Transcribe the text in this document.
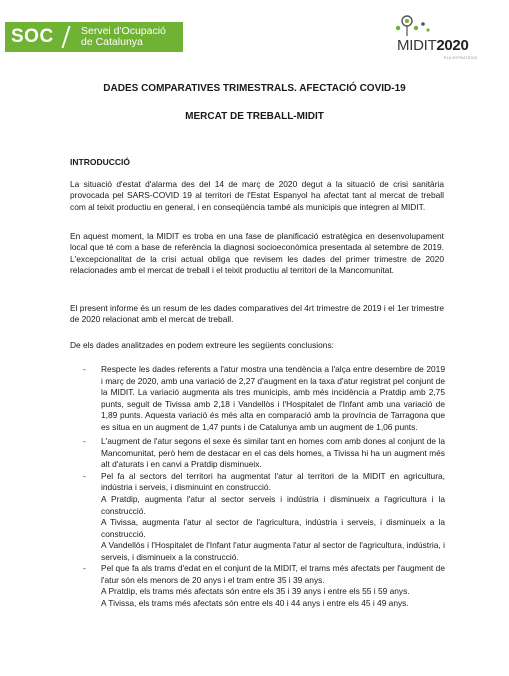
SOC	Servei d'Ocupació
de Catalunya	MIDIT2020
PLA ESTRATÈGIC
DADES COMPARATIVES TRIMESTRALS. AFECTACIÓ COVID-19
MERCAT DE TREBALL-MIDIT
INTRODUCCIÓ

La situació d'estat d'alarma des del 14 de març de 2020 degut a la situació de crisi sanitària provocada pel SARS-COVID 19 al territori de l'Estat Espanyol ha afectat tant al mercat de treball com al teixit productiu en general, i en conseqüència també als municipis que integren al MIDIT.

En aquest moment, la MIDIT es troba en una fase de planificació estratègica en desenvolupament local que té com a base de referència la diagnosi socioeconòmica presentada al setembre de 2019. L'excepcionalitat de la crisi actual obliga que revisem les dades del primer trimestre de 2020 relacionades amb el mercat de treball i el teixit productiu al territori de la Mancomunitat.

El present informe és un resum de les dades comparatives del 4rt trimestre de 2019 i el 1er trimestre de 2020 relacionat amb el mercat de treball.

De els dades analitzades en podem extreure les següents conclusions:

- Respecte les dades referents a l'atur mostra una tendència a l'alça entre desembre de 2019 i març de 2020, amb una variació de 2,27 d'augment en la taxa d'atur registrat pel conjunt de la MIDIT. La variació augmenta als tres municipis, amb més incidència a Pratdip amb 2,75 punts, seguit de Tivissa amb 2,18 i Vandellòs i l'Hospitalet de l'Infant amb una variació de 1,89 punts. Aquesta variació és més alta en comparació amb la província de Tarragona que es situa en un augment de 1,47 punts i de Catalunya amb un augment de 1,06 punts.
- L'augment de l'atur segons el sexe és similar tant en homes com amb dones al conjunt de la Mancomunitat, però hem de destacar en el cas dels homes, a Tivissa hi ha un augment més alt d'aturats i en canvi a Pratdip disminueix.
- Pel fa al sectors del territori ha augmentat l'atur al territori de la MIDIT en agricultura, indústria i serveis, i disminuint en construcció.
A Pratdip, augmenta l'atur al sector serveis i indústria i disminueix a l'agricultura i la construcció.
A Tivissa, augmenta l'atur al sector de l'agricultura, indústria i serveis, i disminueix a la construcció.
A Vandellòs i l'Hospitalet de l'Infant l'atur augmenta l'atur al sector de l'agricultura, indústria, i serveis, i disminueix a la construcció.
- Pel que fa als trams d'edat en el conjunt de la MIDIT, el trams més afectats per l'augment de l'atur són els menors de 20 anys i el tram entre 35 i 39 anys.
A Pratdip, els trams més afectats són entre els 35 i 39 anys i entre els 55 i 59 anys.
A Tivissa, els trams més afectats són entre els 40 i 44 anys i entre els 45 i 49 anys.
